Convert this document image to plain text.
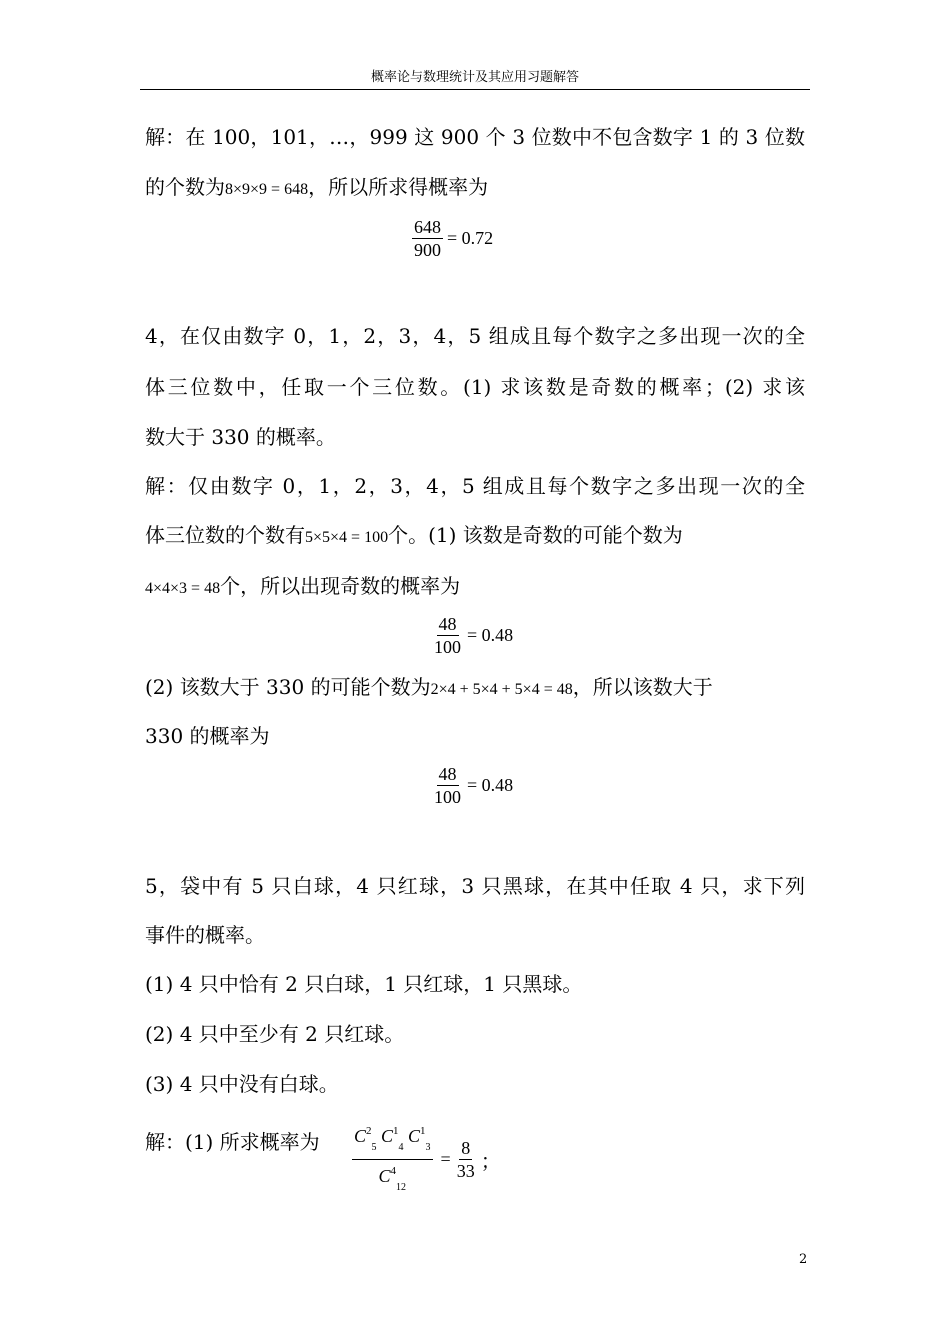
概率论与数理统计及其应用习题解答
解：在 100，101，…，999 这 900 个 3 位数中不包含数字 1 的 3 位数
的个数为8×9×9 = 648，所以所求得概率为
$\frac{648}{900} = 0.72$
4，在仅由数字 0，1，2，3，4，5 组成且每个数字之多出现一次的全
体三位数中，任取一个三位数。(1) 求该数是奇数的概率；(2) 求该
数大于 330 的概率。
解：仅由数字 0，1，2，3，4，5 组成且每个数字之多出现一次的全
体三位数的个数有5×5×4 = 100个。(1) 该数是奇数的可能个数为
4×4×3 = 48个，所以出现奇数的概率为
$\frac{48}{100} = 0.48$
(2) 该数大于 330 的可能个数为2×4 + 5×4 + 5×4 = 48，所以该数大于
330 的概率为
$\frac{48}{100} = 0.48$
5，袋中有 5 只白球，4 只红球，3 只黑球，在其中任取 4 只，求下列
事件的概率。
(1) 4 只中恰有 2 只白球，1 只红球，1 只黑球。
(2) 4 只中至少有 2 只红球。
(3) 4 只中没有白球。
解：(1) 所求概率为 $\frac{C^2_5 C^1_4 C^1_3}{C^4_{12}} = \frac{8}{33}$ ；
2
